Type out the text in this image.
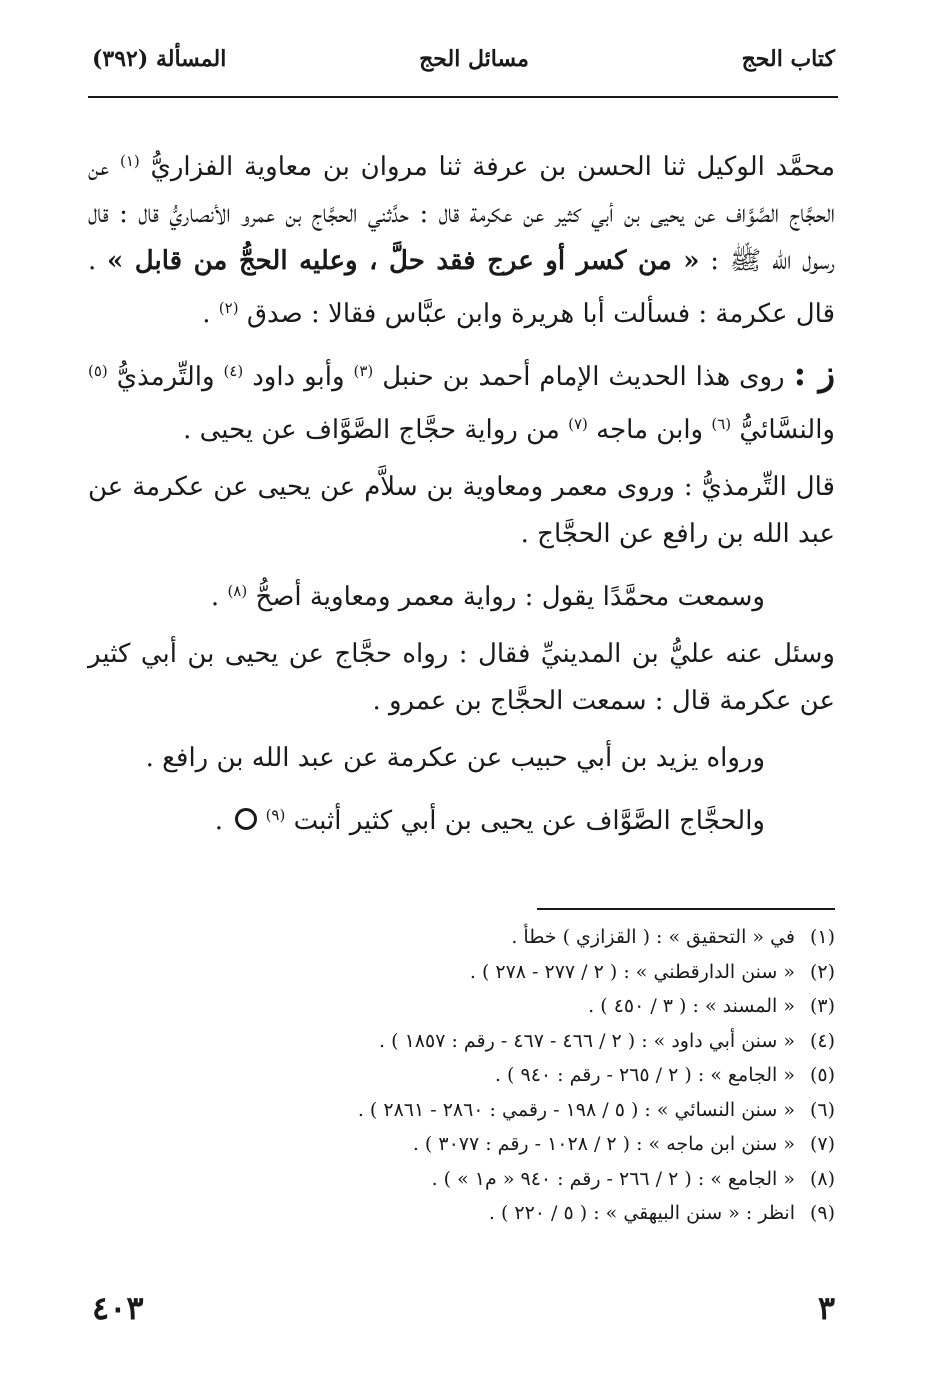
كتاب الحج
مسائل الحج
المسألة (٣٩٢)

محمَّد الوكيل ثنا الحسن بن عرفة ثنا مروان بن معاوية الفزاريُّ $^{(١)}$ عن الحجَّاج الصَّوَّاف عن يحيى بن أبي كثير عن عكرمة قال : حدَّثني الحجَّاج بن عمرو الأنصاريُّ قال : قال رسول الله ﷺ : « من كسر أو عرج فقد حلَّ ، وعليه الحجُّ من قابل » . قال عكرمة : فسألت أبا هريرة وابن عبَّاس فقالا : صدق $^{(٢)}$ .

ز : روى هذا الحديث الإمام أحمد بن حنبل $^{(٣)}$ وأبو داود $^{(٤)}$ والتِّرمذيُّ $^{(٥)}$ والنسَّائيُّ $^{(٦)}$ وابن ماجه $^{(٧)}$ من رواية حجَّاج الصَّوَّاف عن يحيى .

قال التِّرمذيُّ : وروى معمر ومعاوية بن سلاَّم عن يحيى عن عكرمة عن عبد الله بن رافع عن الحجَّاج .

وسمعت محمَّدًا يقول : رواية معمر ومعاوية أصحُّ $^{(٨)}$ .

وسئل عنه عليُّ بن المدينيِّ فقال : رواه حجَّاج عن يحيى بن أبي كثير عن عكرمة قال : سمعت الحجَّاج بن عمرو .

ورواه يزيد بن أبي حبيب عن عكرمة عن عبد الله بن رافع .

والحجَّاج الصَّوَّاف عن يحيى بن أبي كثير أثبت $^{(٩)}$  .

(١)في « التحقيق » : ( القزازي ) خطأ .
(٢)« سنن الدارقطني » : ( ٢ / ٢٧٧ - ٢٧٨ ) .
(٣)« المسند » : ( ٣ / ٤٥٠ ) .
(٤)« سنن أبي داود » : ( ٢ / ٤٦٦ - ٤٦٧ - رقم : ١٨٥٧ ) .
(٥)« الجامع » : ( ٢ / ٢٦٥ - رقم : ٩٤٠ ) .
(٦)« سنن النسائي » : ( ٥ / ١٩٨ - رقمي : ٢٨٦٠ - ٢٨٦١ ) .
(٧)« سنن ابن ماجه » : ( ٢ / ١٠٢٨ - رقم : ٣٠٧٧ ) .
(٨)« الجامع » : ( ٢ / ٢٦٦ - رقم : ٩٤٠ « م١ » ) .
(٩)انظر : « سنن البيهقي » : ( ٥ / ٢٢٠ ) .
٣
٤٠٣
